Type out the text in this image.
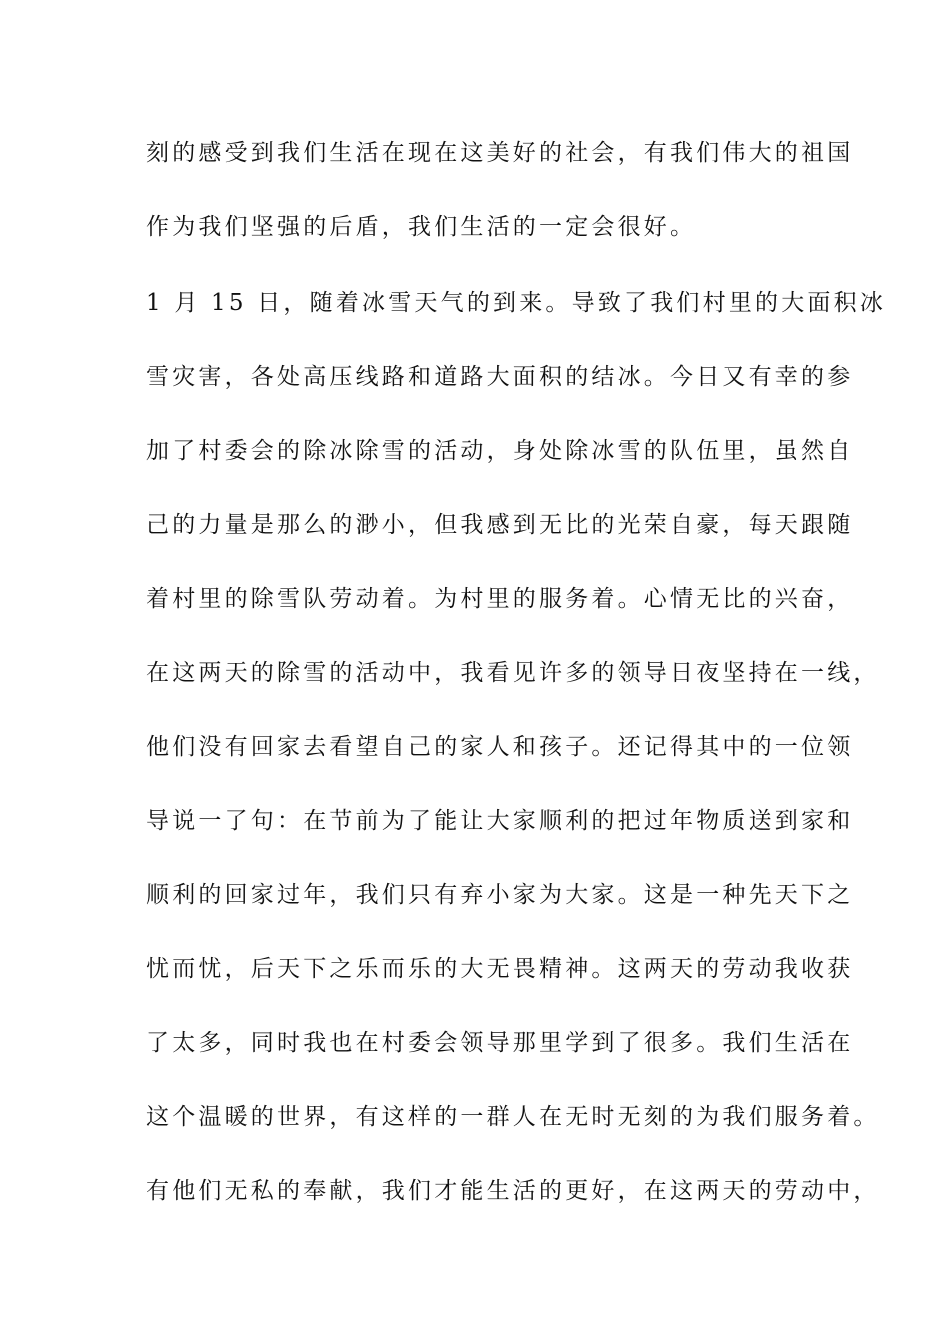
刻的感受到我们生活在现在这美好的社会，有我们伟大的祖国
作为我们坚强的后盾，我们生活的一定会很好。
1 月 15 日，随着冰雪天气的到来。导致了我们村里的大面积冰
雪灾害，各处高压线路和道路大面积的结冰。今日又有幸的参
加了村委会的除冰除雪的活动，身处除冰雪的队伍里，虽然自
己的力量是那么的渺小，但我感到无比的光荣自豪，每天跟随
着村里的除雪队劳动着。为村里的服务着。心情无比的兴奋，
在这两天的除雪的活动中，我看见许多的领导日夜坚持在一线，
他们没有回家去看望自己的家人和孩子。还记得其中的一位领
导说一了句：在节前为了能让大家顺利的把过年物质送到家和
顺利的回家过年，我们只有弃小家为大家。这是一种先天下之
忧而忧，后天下之乐而乐的大无畏精神。这两天的劳动我收获
了太多，同时我也在村委会领导那里学到了很多。我们生活在
这个温暖的世界，有这样的一群人在无时无刻的为我们服务着。
有他们无私的奉献，我们才能生活的更好，在这两天的劳动中，
